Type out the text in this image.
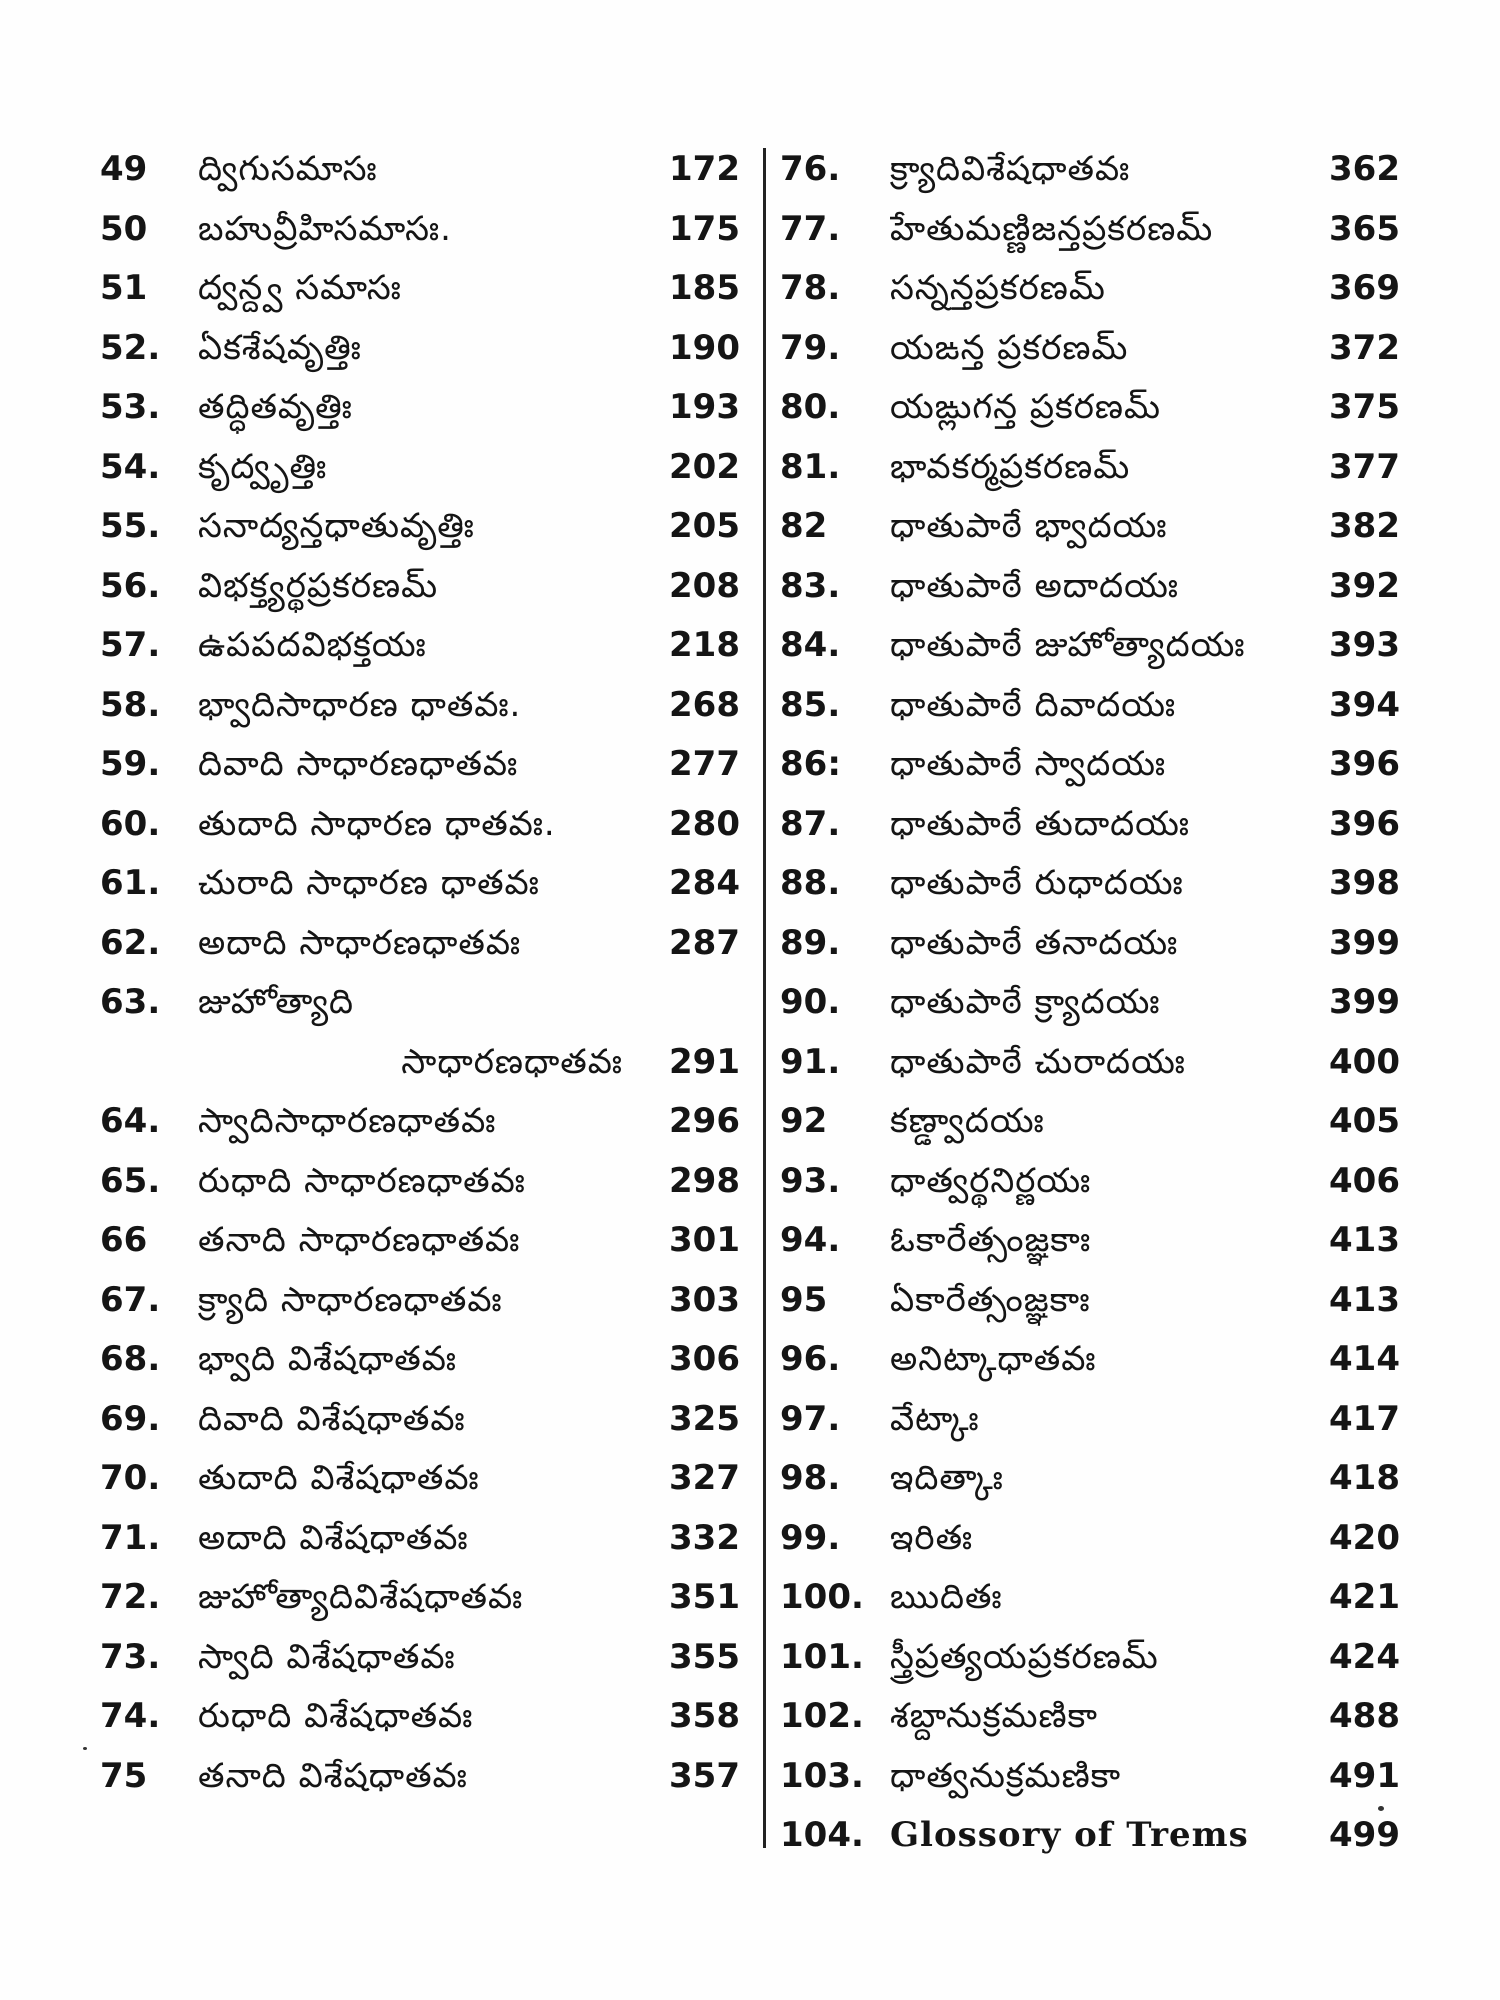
49	ద్విగుసమాసః	172
50	బహువ్రీహిసమాసః.	175
51	ద్వన్ద్వ సమాసః	185
52.	ఏకశేషవృత్తిః	190
53.	తద్ధితవృత్తిః	193
54.	కృద్వృత్తిః	202
55.	సనాద్యన్తధాతువృత్తిః	205
56.	విభక్త్యర్థప్రకరణమ్	208
57.	ఉపపదవిభక్తయః	218
58.	భ్వాదిసాధారణ ధాతవః.	268
59.	దివాది సాధారణధాతవః	277
60.	తుదాది సాధారణ ధాతవః.	280
61.	చురాది సాధారణ ధాతవః	284
62.	అదాది సాధారణధాతవః	287
63.	జుహోత్యాది
సాధారణధాతవః	291
64.	స్వాదిసాధారణధాతవః	296
65.	రుధాది సాధారణధాతవః	298
66	తనాది సాధారణధాతవః	301
67.	క్ర్యాది సాధారణధాతవః	303
68.	భ్వాది విశేషధాతవః	306
69.	దివాది విశేషధాతవః	325
70.	తుదాది విశేషధాతవః	327
71.	అదాది విశేషధాతవః	332
72.	జుహోత్యాదివిశేషధాతవః	351
73.	స్వాది విశేషధాతవః	355
74.	రుధాది విశేషధాతవః	358
75	తనాది విశేషధాతవః	357
76.	క్ర్యాదివిశేషధాతవః	362
77.	హేతుమణ్ణిజన్తప్రకరణమ్	365
78.	సన్నన్తప్రకరణమ్	369
79.	యఙన్త ప్రకరణమ్	372
80.	యఙ్లుగన్త ప్రకరణమ్	375
81.	భావకర్మప్రకరణమ్	377
82	ధాతుపాఠే భ్వాదయః	382
83.	ధాతుపాఠే అదాదయః	392
84.	ధాతుపాఠే జుహోత్యాదయః	393
85.	ధాతుపాఠే దివాదయః	394
86:	ధాతుపాఠే స్వాదయః	396
87.	ధాతుపాఠే తుదాదయః	396
88.	ధాతుపాఠే రుధాదయః	398
89.	ధాతుపాఠే తనాదయః	399
90.	ధాతుపాఠే క్ర్యాదయః	399
91.	ధాతుపాఠే చురాదయః	400
92	కణ్డ్వాదయః	405
93.	ధాత్వర్థనిర్ణయః	406
94.	ఓకారేత్సంజ్ఞకాః	413
95	ఏకారేత్సంజ్ఞకాః	413
96.	అనిట్కాధాతవః	414
97.	వేట్కాః	417
98.	ఇదిత్కాః	418
99.	ఇరితః	420
100. ఋదితః	421
101. స్త్రీప్రత్యయప్రకరణమ్	424
102. శబ్దానుక్రమణికా	488
103. ధాత్వనుక్రమణికా	491
104. Glossory of Trems	499
